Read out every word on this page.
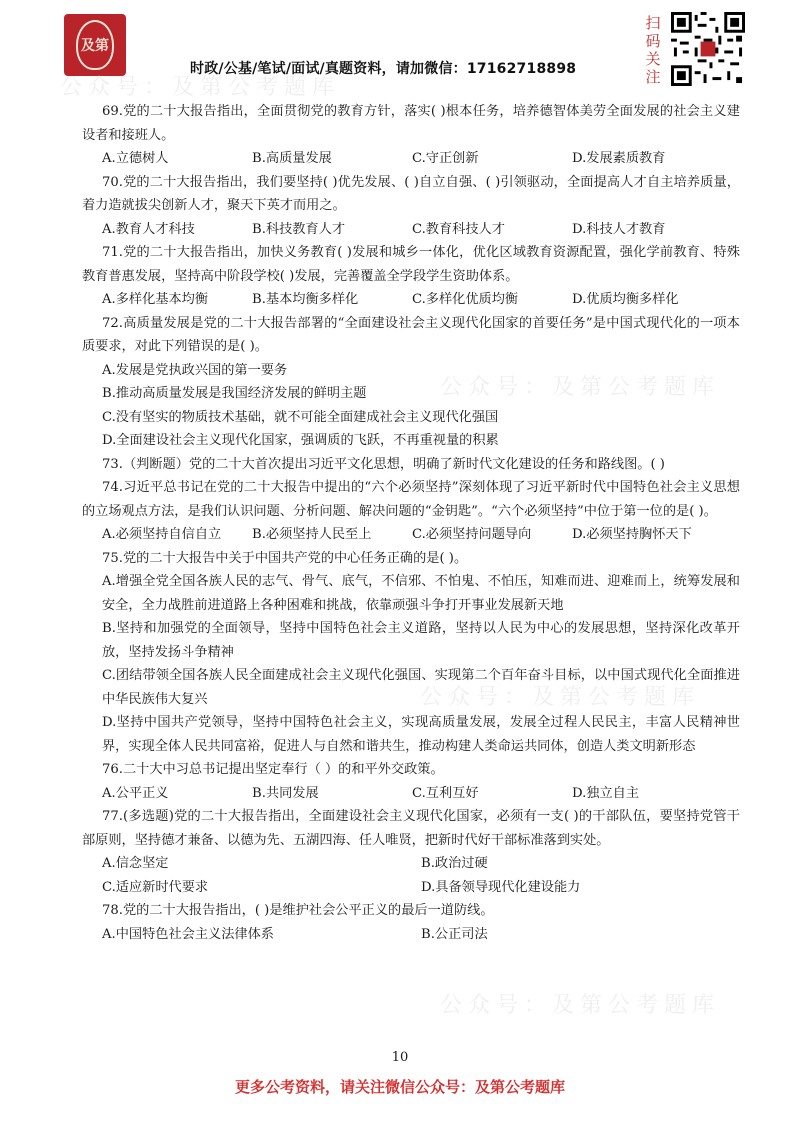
及第
时政/公基/笔试/面试/真题资料，请加微信：17162718898
扫码关注
公众号：及第公考题库
公众号：及第公考题库
公众号：及第公考题库
公众号：及第公考题库

69.党的二十大报告指出，全面贯彻党的教育方针，落实( )根本任务，培养德智体美劳全面发展的社会主义建设者和接班人。

A.立德树人	B.高质量发展	C.守正创新	D.发展素质教育

70.党的二十大报告指出，我们要坚持( )优先发展、( )自立自强、( )引领驱动，全面提高人才自主培养质量，着力造就拔尖创新人才，聚天下英才而用之。

A.教育人才科技	B.科技教育人才	C.教育科技人才	D.科技人才教育

71.党的二十大报告指出，加快义务教育( )发展和城乡一体化，优化区域教育资源配置，强化学前教育、特殊教育普惠发展，坚持高中阶段学校( )发展，完善覆盖全学段学生资助体系。

A.多样化基本均衡	B.基本均衡多样化	C.多样化优质均衡	D.优质均衡多样化

72.高质量发展是党的二十大报告部署的“全面建设社会主义现代化国家的首要任务”是中国式现代化的一项本质要求，对此下列错误的是( )。

A.发展是党执政兴国的第一要务

B.推动高质量发展是我国经济发展的鲜明主题

C.没有坚实的物质技术基础，就不可能全面建成社会主义现代化强国

D.全面建设社会主义现代化国家，强调质的飞跃，不再重视量的积累

73.（判断题）党的二十大首次提出习近平文化思想，明确了新时代文化建设的任务和路线图。( )

74.习近平总书记在党的二十大报告中提出的“六个必须坚持”深刻体现了习近平新时代中国特色社会主义思想的立场观点方法，是我们认识问题、分析问题、解决问题的“金钥匙”。“六个必须坚持”中位于第一位的是( )。

A.必须坚持自信自立	B.必须坚持人民至上	C.必须坚持问题导向	D.必须坚持胸怀天下

75.党的二十大报告中关于中国共产党的中心任务正确的是( )。

A.增强全党全国各族人民的志气、骨气、底气，不信邪、不怕鬼、不怕压，知难而进、迎难而上，统筹发展和安全，全力战胜前进道路上各种困难和挑战，依靠顽强斗争打开事业发展新天地

B.坚持和加强党的全面领导，坚持中国特色社会主义道路，坚持以人民为中心的发展思想，坚持深化改革开放，坚持发扬斗争精神

C.团结带领全国各族人民全面建成社会主义现代化强国、实现第二个百年奋斗目标，以中国式现代化全面推进中华民族伟大复兴

D.坚持中国共产党领导，坚持中国特色社会主义，实现高质量发展，发展全过程人民民主，丰富人民精神世界，实现全体人民共同富裕，促进人与自然和谐共生，推动构建人类命运共同体，创造人类文明新形态

76.二十大中习总书记提出坚定奉行（ ）的和平外交政策。

A.公平正义	B.共同发展	C.互利互好	D.独立自主

77.(多选题)党的二十大报告指出，全面建设社会主义现代化国家，必须有一支( )的干部队伍，要坚持党管干部原则，坚持德才兼备、以德为先、五湖四海、任人唯贤，把新时代好干部标准落到实处。

A.信念坚定	B.政治过硬
C.适应新时代要求	D.具备领导现代化建设能力

78.党的二十大报告指出，( )是维护社会公平正义的最后一道防线。

A.中国特色社会主义法律体系	B.公正司法
10
更多公考资料，请关注微信公众号：及第公考题库
